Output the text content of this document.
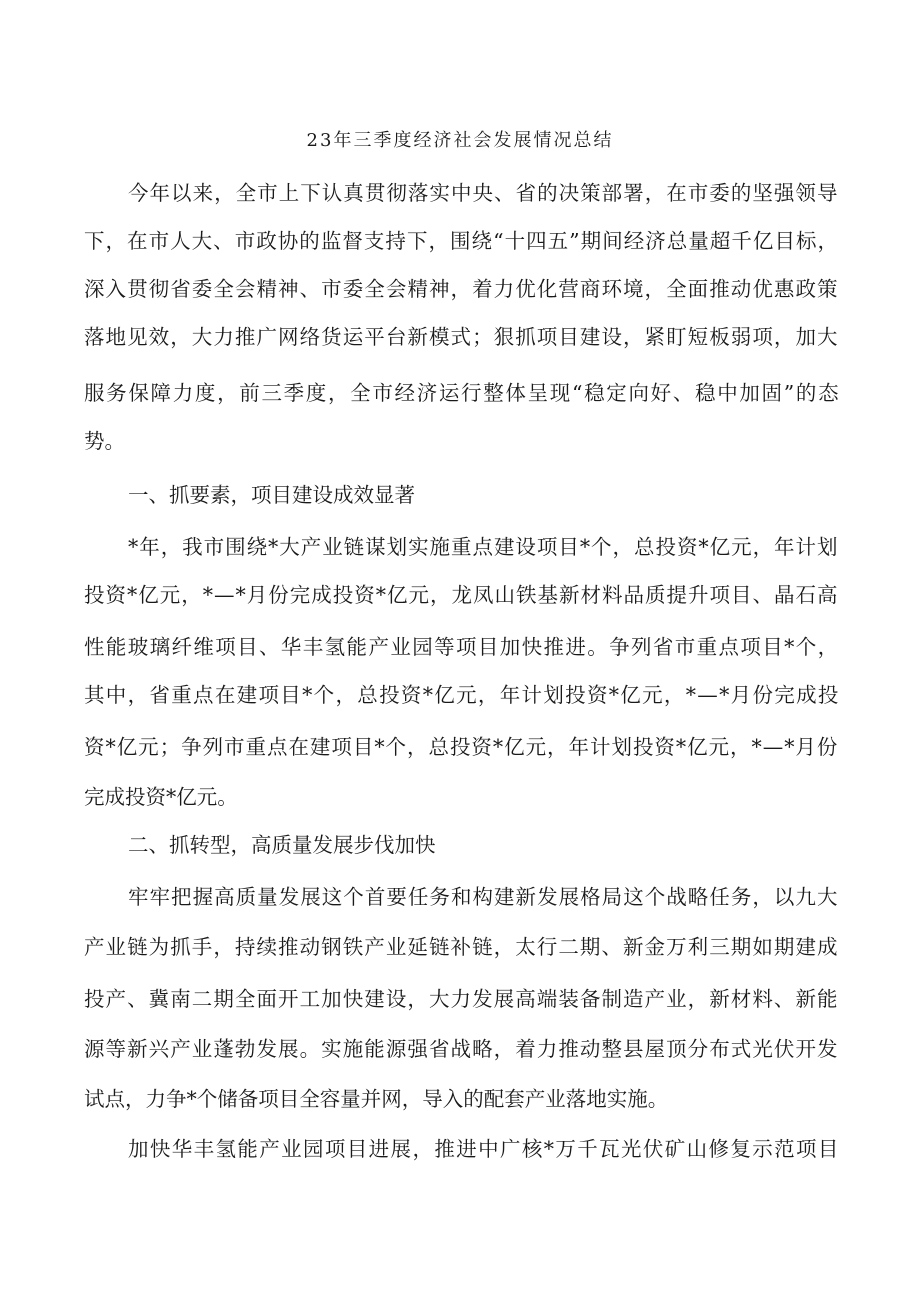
23年三季度经济社会发展情况总结
今年以来，全市上下认真贯彻落实中央、省的决策部署，在市委的坚强领导
下，在市人大、市政协的监督支持下，围绕“十四五”期间经济总量超千亿目标，
深入贯彻省委全会精神、市委全会精神，着力优化营商环境，全面推动优惠政策
落地见效，大力推广网络货运平台新模式；狠抓项目建设，紧盯短板弱项，加大
服务保障力度，前三季度，全市经济运行整体呈现“稳定向好、稳中加固”的态
势。
一、抓要素，项目建设成效显著
*年，我市围绕*大产业链谋划实施重点建设项目*个，总投资*亿元，年计划
投资*亿元，*—*月份完成投资*亿元，龙凤山铁基新材料品质提升项目、晶石高
性能玻璃纤维项目、华丰氢能产业园等项目加快推进。争列省市重点项目*个，
其中，省重点在建项目*个，总投资*亿元，年计划投资*亿元，*—*月份完成投
资*亿元；争列市重点在建项目*个，总投资*亿元，年计划投资*亿元，*—*月份
完成投资*亿元。
二、抓转型，高质量发展步伐加快
牢牢把握高质量发展这个首要任务和构建新发展格局这个战略任务，以九大
产业链为抓手，持续推动钢铁产业延链补链，太行二期、新金万利三期如期建成
投产、冀南二期全面开工加快建设，大力发展高端装备制造产业，新材料、新能
源等新兴产业蓬勃发展。实施能源强省战略，着力推动整县屋顶分布式光伏开发
试点，力争*个储备项目全容量并网，导入的配套产业落地实施。
加快华丰氢能产业园项目进展，推进中广核*万千瓦光伏矿山修复示范项目
